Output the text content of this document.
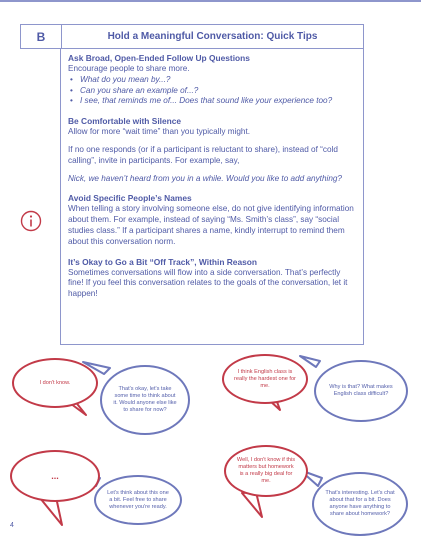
B	Hold a Meaningful Conversation: Quick Tips
Ask Broad, Open-Ended Follow Up Questions

Encourage people to share more.

• What do you mean by...?
• Can you share an example of...?
• I see, that reminds me of... Does that sound like your experience too?
Be Comfortable with Silence

Allow for more “wait time” than you typically might.

If no one responds (or if a participant is reluctant to share), instead of “cold calling”, invite in participants. For example, say,

Nick, we haven’t heard from you in a while. Would you like to add anything?

Avoid Specific People’s Names

When telling a story involving someone else, do not give identifying information about them. For example, instead of saying “Ms. Smith’s class”, say “social studies class.” If a participant shares a name, kindly interrupt to remind them about this conversation norm.

It’s Okay to Go a Bit “Off Track”, Within Reason

Sometimes conversations will flow into a side conversation. That’s perfectly fine! If you feel this conversation relates to the goals of the conversation, let it happen!

I don't know.
That's okay, let's take some time to think about it. Would anyone else like to share for now?
I think English class is really the hardest one for me.	Why is that? What makes English class difficult?
...
Let's think about this one a bit. Feel free to share whenever you're ready.
Well, I don't know if this matters but homework is a really big deal for me.
That's interesting. Let's chat about that for a bit. Does anyone have anything to share about homework?
4
